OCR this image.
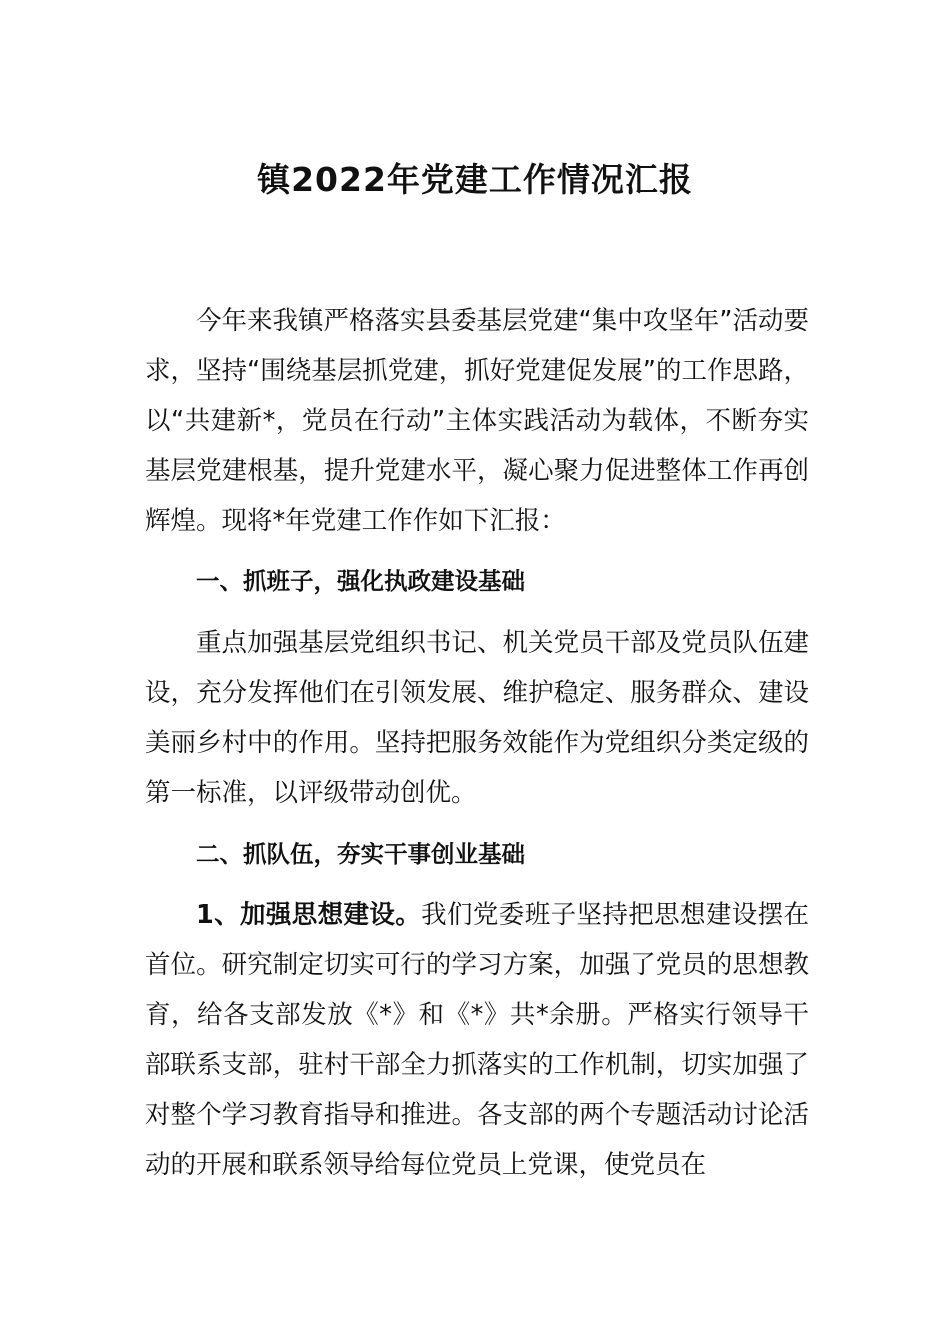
镇2022年党建工作情况汇报

今年来我镇严格落实县委基层党建“集中攻坚年”活动要求，坚持“围绕基层抓党建，抓好党建促发展”的工作思路，以“共建新*，党员在行动”主体实践活动为载体，不断夯实基层党建根基，提升党建水平，凝心聚力促进整体工作再创辉煌。现将*年党建工作作如下汇报：

一、抓班子，强化执政建设基础

重点加强基层党组织书记、机关党员干部及党员队伍建设，充分发挥他们在引领发展、维护稳定、服务群众、建设美丽乡村中的作用。坚持把服务效能作为党组织分类定级的第一标准，以评级带动创优。

二、抓队伍，夯实干事创业基础

1、加强思想建设。我们党委班子坚持把思想建设摆在首位。研究制定切实可行的学习方案，加强了党员的思想教育，给各支部发放《*》和《*》共*余册。严格实行领导干部联系支部，驻村干部全力抓落实的工作机制，切实加强了对整个学习教育指导和推进。各支部的两个专题活动讨论活动的开展和联系领导给每位党员上党课，使党员在
